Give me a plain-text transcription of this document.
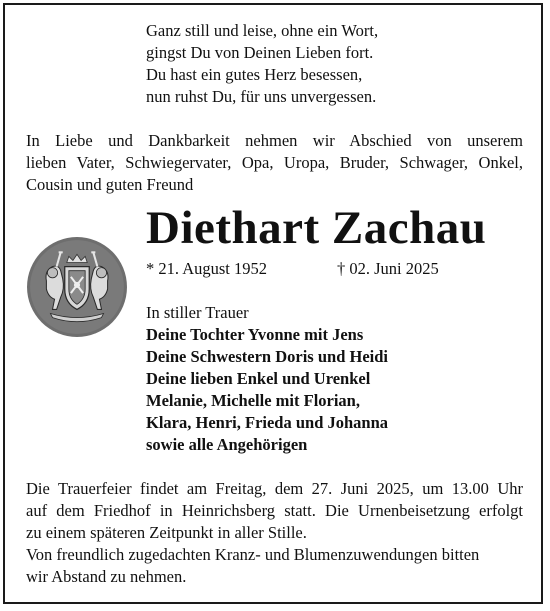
Ganz still und leise, ohne ein Wort,
gingst Du von Deinen Lieben fort.
Du hast ein gutes Herz besessen,
nun ruhst Du, für uns unvergessen.
In Liebe und Dankbarkeit nehmen wir Abschied von unserem
lieben Vater, Schwiegervater, Opa, Uropa, Bruder, Schwager, Onkel,
Cousin und guten Freund
Diethart Zachau
* 21. August 1952	† 02. Juni 2025
In stiller Trauer
Deine Tochter Yvonne mit Jens
Deine Schwestern Doris und Heidi
Deine lieben Enkel und Urenkel
Melanie, Michelle mit Florian,
Klara, Henri, Frieda und Johanna
sowie alle Angehörigen
Die Trauerfeier findet am Freitag, dem 27. Juni 2025, um 13.00 Uhr
auf dem Friedhof in Heinrichsberg statt. Die Urnenbeisetzung erfolgt
zu einem späteren Zeitpunkt in aller Stille.
Von freundlich zugedachten Kranz- und Blumenzuwendungen bitten
wir Abstand zu nehmen.
